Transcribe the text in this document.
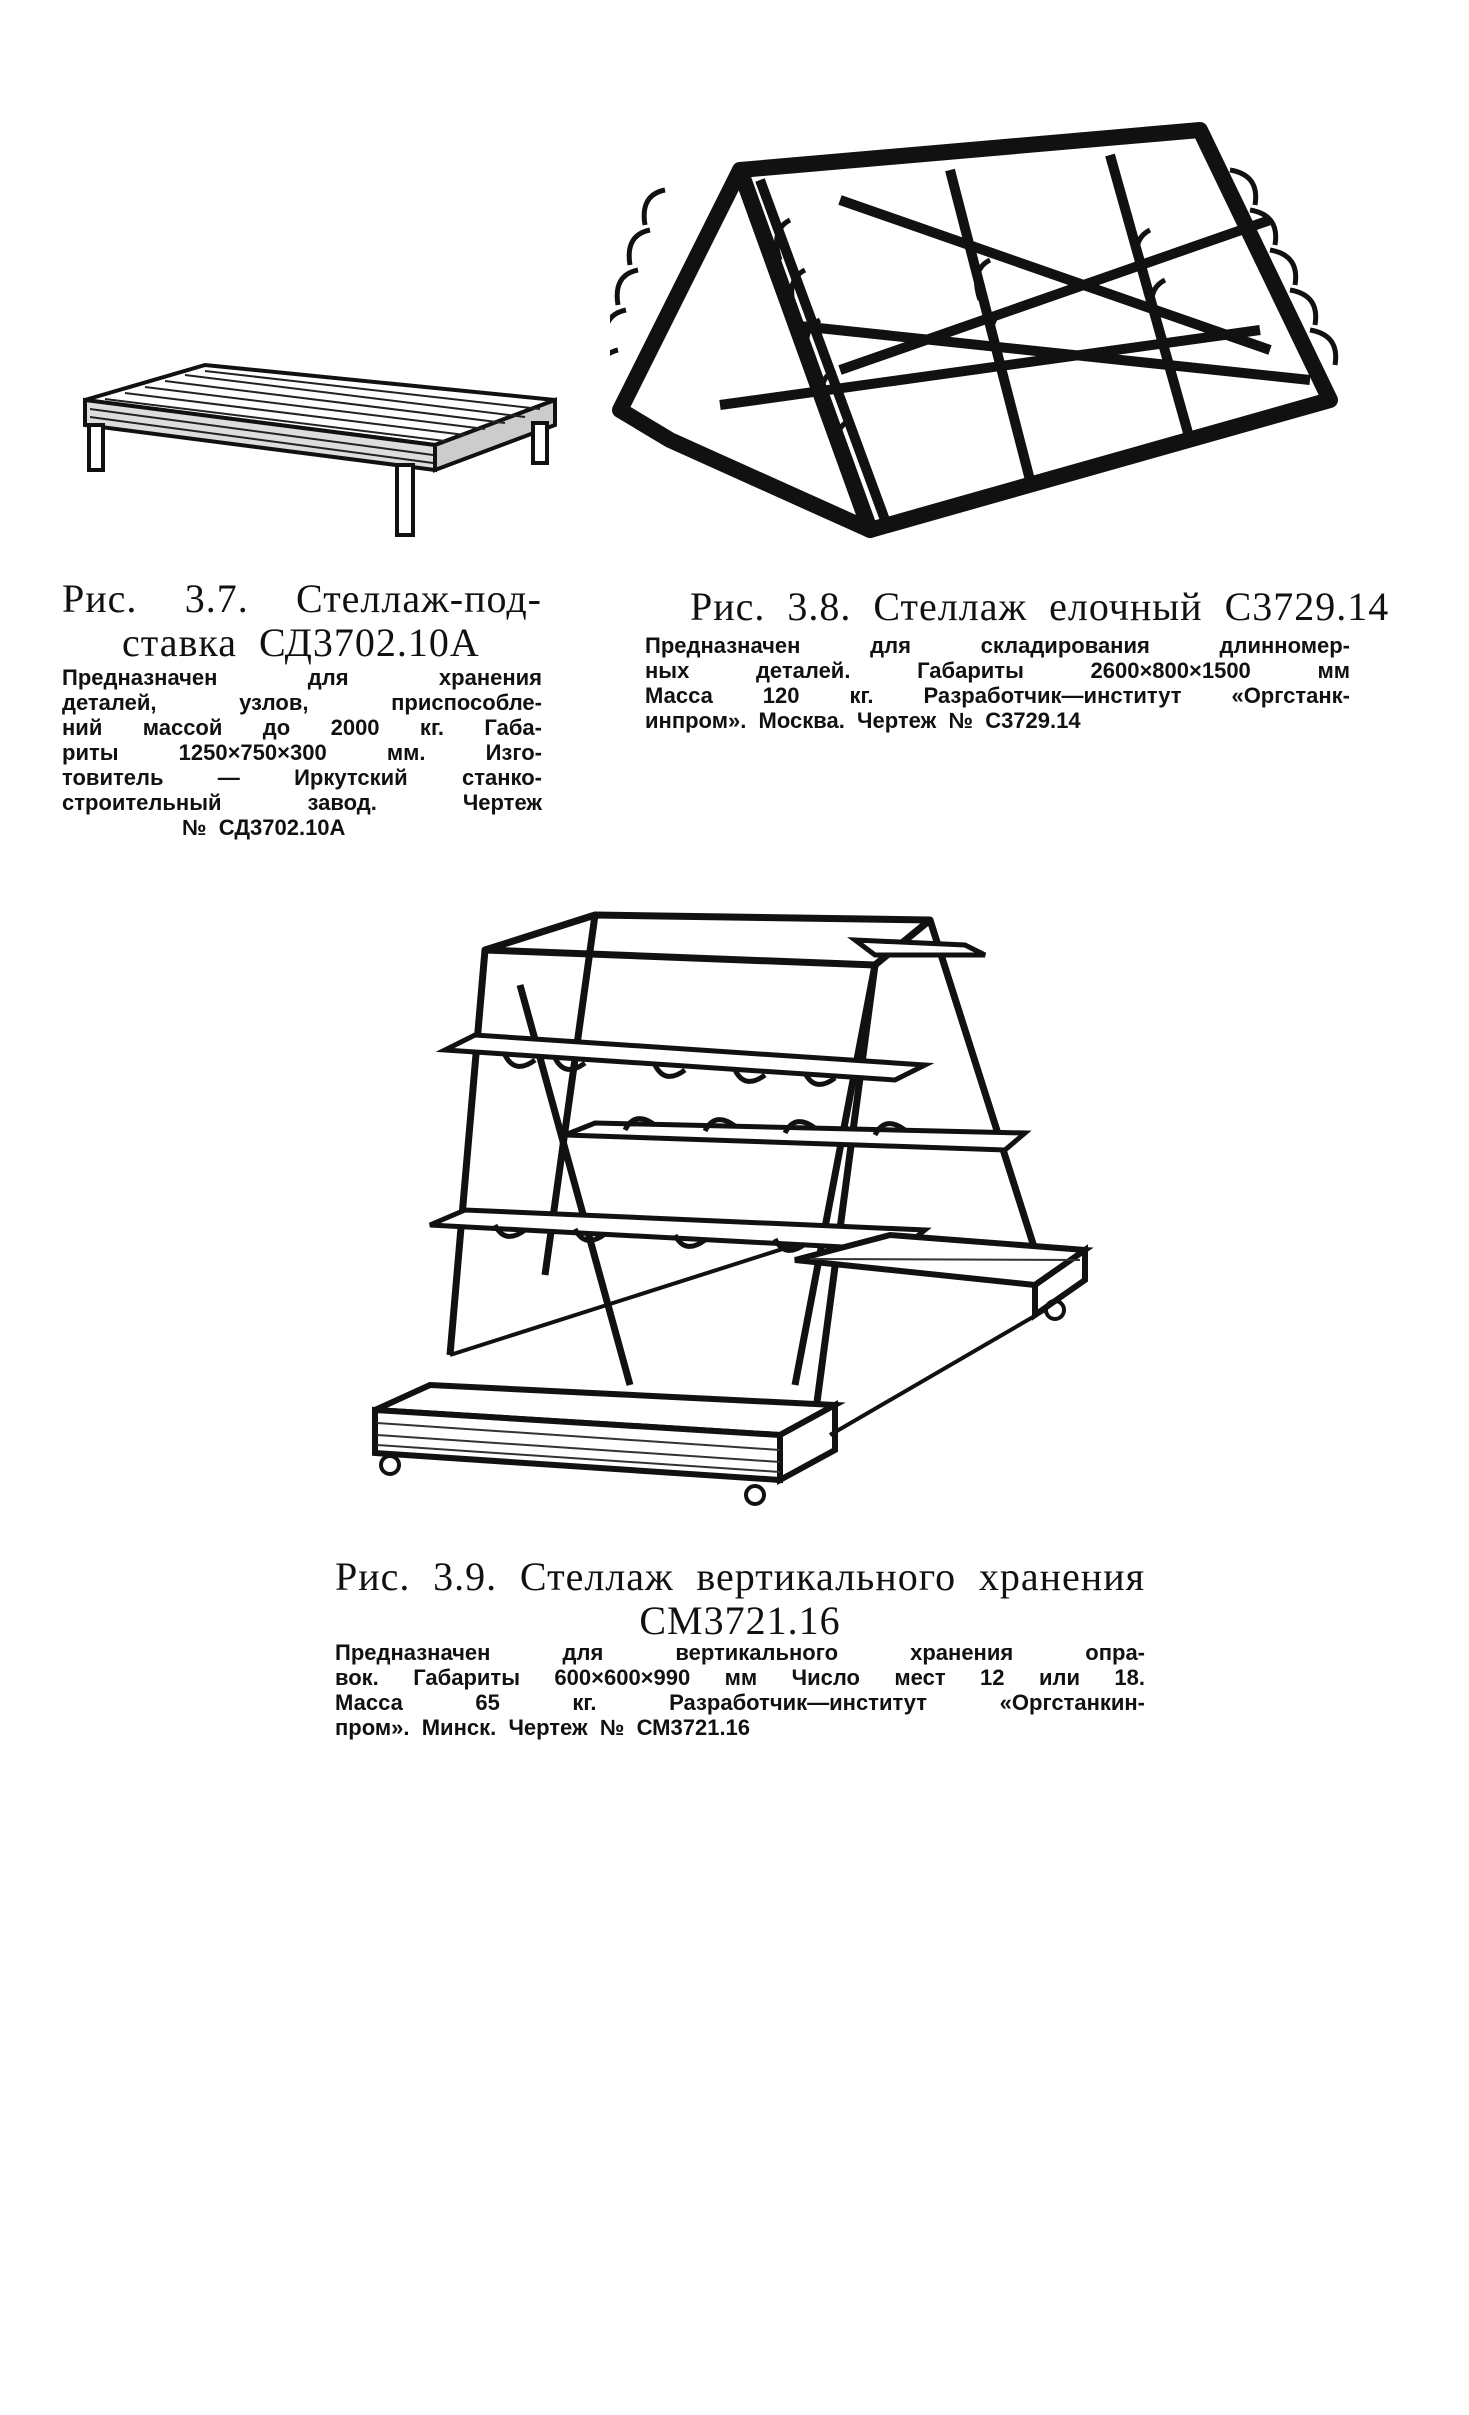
Рис. 3.7. Стеллаж-под-
ставка  СД3702.10А
Предназначен для хранения
деталей, узлов, приспособле-
ний массой до 2000 кг. Габа-
риты 1250×750×300 мм. Изго-
товитель — Иркутский станко-
строительный завод. Чертеж
№  СД3702.10А
Рис.  3.8.  Стеллаж  елочный  С3729.14
Предназначен для складирования длинномер-
ных деталей. Габариты 2600×800×1500 мм
Масса 120 кг. Разработчик—институт «Оргстанк-
инпром».  Москва.  Чертеж  №  С3729.14
Рис. 3.9. Стеллаж вертикального хранения
СМ3721.16
Предназначен для вертикального хранения опра-
вок. Габариты 600×600×990 мм Число мест 12 или 18.
Масса 65 кг. Разработчик—институт «Оргстанкин-
пром».  Минск.  Чертеж  №  СМ3721.16
